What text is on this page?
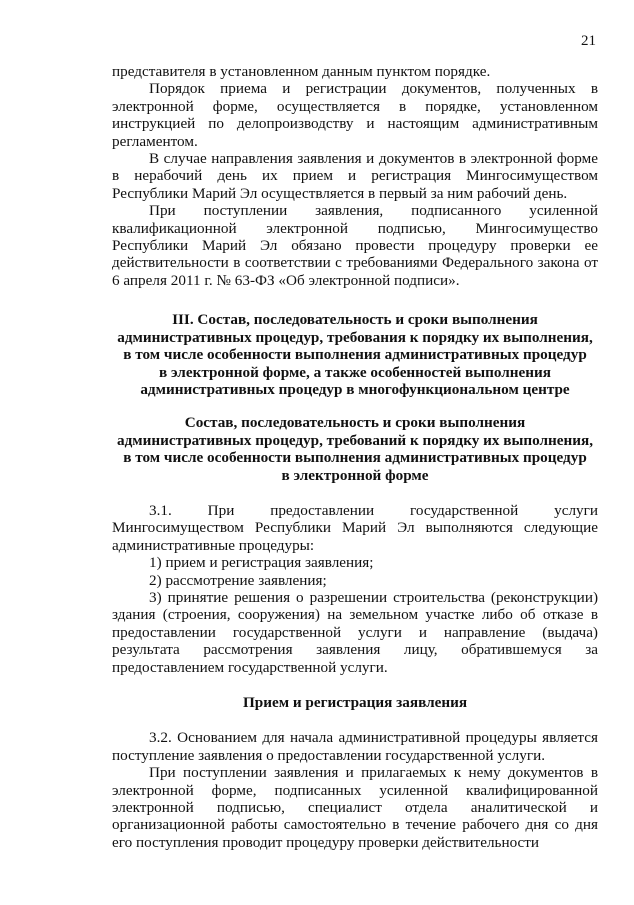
21

представителя в установленном данным пунктом порядке.

Порядок приема и регистрации документов, полученных в электронной форме, осуществляется в порядке, установленном инструкцией по делопроизводству и настоящим административным регламентом.

В случае направления заявления и документов в электронной форме в нерабочий день их прием и регистрация Мингосимуществом Республики Марий Эл осуществляется в первый за ним рабочий день.

При поступлении заявления, подписанного усиленной квалификационной электронной подписью, Мингосимущество Республики Марий Эл обязано провести процедуру проверки ее действительности в соответствии с требованиями Федерального закона от 6 апреля 2011 г. № 63-ФЗ «Об электронной подписи».

III. Состав, последовательность и сроки выполнения

административных процедур, требования к порядку их выполнения,

в том числе особенности выполнения административных процедур

в электронной форме, а также особенностей выполнения

административных процедур в многофункциональном центре

Состав, последовательность и сроки выполнения

административных процедур, требований к порядку их выполнения,

в том числе особенности выполнения административных процедур

в электронной форме

3.1. При предоставлении государственной услуги Мингосимуществом Республики Марий Эл выполняются следующие административные процедуры:

1) прием и регистрация заявления;

2) рассмотрение заявления;

3) принятие решения о разрешении строительства (реконструкции) здания (строения, сооружения) на земельном участке либо об отказе в предоставлении государственной услуги и направление (выдача) результата рассмотрения заявления лицу, обратившемуся за предоставлением государственной услуги.

Прием и регистрация заявления

3.2. Основанием для начала административной процедуры является поступление заявления о предоставлении государственной услуги.

При поступлении заявления и прилагаемых к нему документов в электронной форме, подписанных усиленной квалифицированной электронной подписью, специалист отдела аналитической и организационной работы самостоятельно в течение рабочего дня со дня его поступления проводит процедуру проверки действительности
